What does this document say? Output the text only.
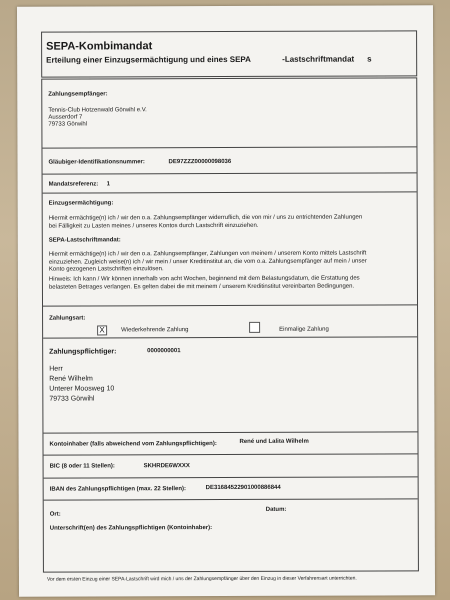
SEPA-Kombimandat
Erteilung einer Einzugsermächtigung und eines SEPA	-Lastschriftmandat s
Zahlungsempfänger:
Tennis-Club Hotzenwald Görwihl e.V.
Ausserdorf 7
79733 Görwihl
Gläubiger-Identifikationsnummer:	DE97ZZZ00000098036
Mandatsreferenz: 1
Einzugsermächtigung:
Hiermit ermächtige(n) ich / wir den o.a. Zahlungsempfänger widerruflich, die von mir / uns zu entrichtenden Zahlungen
bei Fälligkeit zu Lasten meines / unseres Kontos durch Lastschrift einzuziehen.
SEPA-Lastschriftmandat:
Hiermit ermächtige(n) ich / wir den o.a. Zahlungsempfänger, Zahlungen von meinem / unserem Konto mittels Lastschrift
einzuziehen. Zugleich weise(n) ich / wir mein / unser Kreditinstitut an, die vom o.a. Zahlungsempfänger auf mein / unser
Konto gezogenen Lastschriften einzulösen.
Hinweis: Ich kann / Wir können innerhalb von acht Wochen, beginnend mit dem Belastungsdatum, die Erstattung des
belasteten Betrages verlangen. Es gelten dabei die mit meinem / unserem Kreditinstitut vereinbarten Bedingungen.
Zahlungsart:
X	Wiederkehrende Zahlung	Einmalige Zahlung
Zahlungspflichtiger:	0000000001
Herr
René Wilhelm
Unterer Moosweg 10
79733 Görwihl
Kontoinhaber (falls abweichend vom Zahlungspflichtigen):	René und Lalita Wilhelm
BIC (8 oder 11 Stellen):	SKHRDE6WXXX
IBAN des Zahlungspflichtigen (max. 22 Stellen):	DE31684522901000886844
Ort:
Datum:
Unterschrift(en) des Zahlungspflichtigen (Kontoinhaber):
Vor dem ersten Einzug einer SEPA-Lastschrift wird mich / uns der Zahlungsempfänger über den Einzug in dieser Verfahrensart unterrichten.
